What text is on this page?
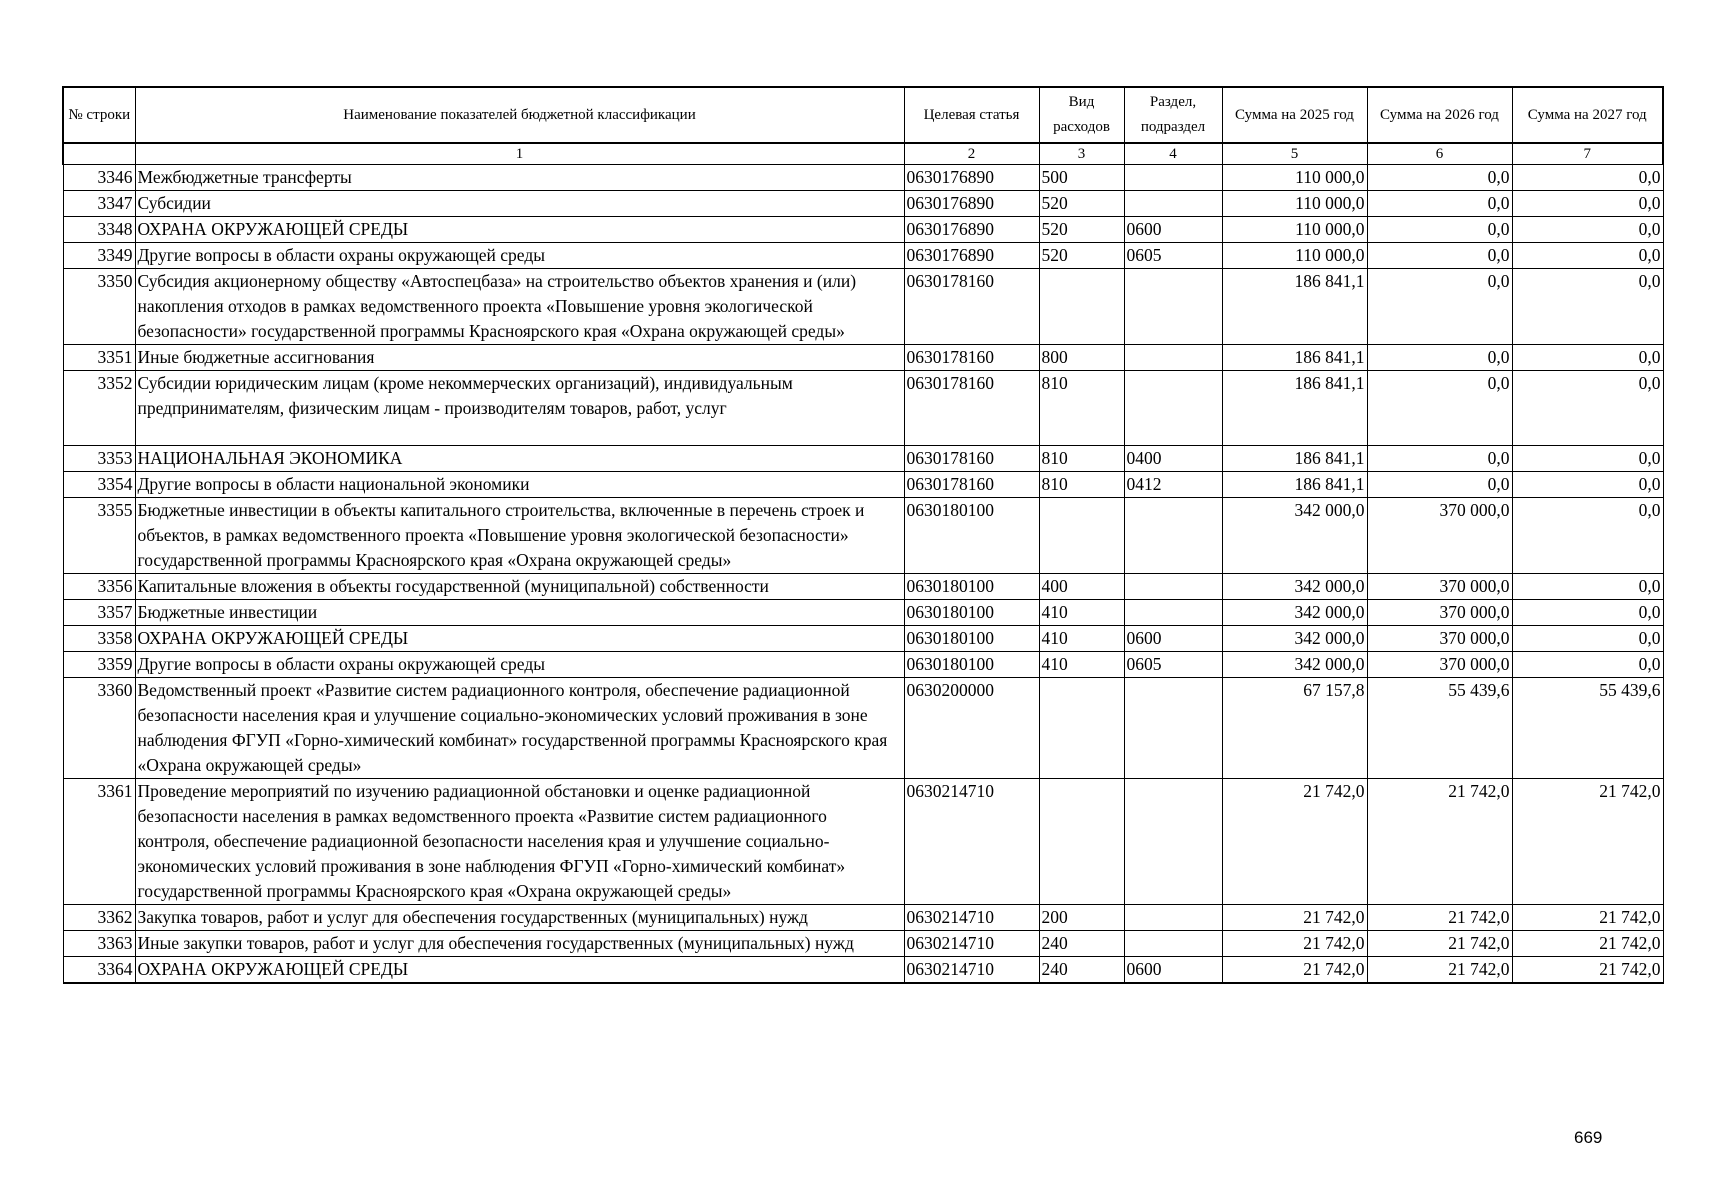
№ строки	Наименование показателей бюджетной классификации	Целевая статья	Вид расходов	Раздел, подраздел	Сумма на 2025 год	Сумма на 2026 год	Сумма на 2027 год
	1	2	3	4	5	6	7
3346	Межбюджетные трансферты	0630176890	500		110 000,0	0,0	0,0
3347	Субсидии	0630176890	520		110 000,0	0,0	0,0
3348	ОХРАНА ОКРУЖАЮЩЕЙ СРЕДЫ	0630176890	520	0600	110 000,0	0,0	0,0
3349	Другие вопросы в области охраны окружающей среды	0630176890	520	0605	110 000,0	0,0	0,0
3350	Субсидия акционерному обществу «Автоспецбаза» на строительство объектов хранения и (или) накопления отходов в рамках ведомственного проекта «Повышение уровня экологической безопасности» государственной программы Красноярского края «Охрана окружающей среды»	0630178160			186 841,1	0,0	0,0
3351	Иные бюджетные ассигнования	0630178160	800		186 841,1	0,0	0,0
3352	Субсидии юридическим лицам (кроме некоммерческих организаций), индивидуальным предпринимателям, физическим лицам - производителям товаров, работ, услуг	0630178160	810		186 841,1	0,0	0,0
3353	НАЦИОНАЛЬНАЯ ЭКОНОМИКА	0630178160	810	0400	186 841,1	0,0	0,0
3354	Другие вопросы в области национальной экономики	0630178160	810	0412	186 841,1	0,0	0,0
3355	Бюджетные инвестиции в объекты капитального строительства, включенные в перечень строек и объектов, в рамках ведомственного проекта «Повышение уровня экологической безопасности» государственной программы Красноярского края «Охрана окружающей среды»	0630180100			342 000,0	370 000,0	0,0
3356	Капитальные вложения в объекты государственной (муниципальной) собственности	0630180100	400		342 000,0	370 000,0	0,0
3357	Бюджетные инвестиции	0630180100	410		342 000,0	370 000,0	0,0
3358	ОХРАНА ОКРУЖАЮЩЕЙ СРЕДЫ	0630180100	410	0600	342 000,0	370 000,0	0,0
3359	Другие вопросы в области охраны окружающей среды	0630180100	410	0605	342 000,0	370 000,0	0,0
3360	Ведомственный проект «Развитие систем радиационного контроля, обеспечение радиационной безопасности населения края и улучшение социально-экономических условий проживания в зоне наблюдения ФГУП «Горно-химический комбинат» государственной программы Красноярского края «Охрана окружающей среды»	0630200000			67 157,8	55 439,6	55 439,6
3361	Проведение мероприятий по изучению радиационной обстановки и оценке радиационной безопасности населения в рамках ведомственного проекта «Развитие систем радиационного контроля, обеспечение радиационной безопасности населения края и улучшение социально-экономических условий проживания в зоне наблюдения ФГУП «Горно-химический комбинат» государственной программы Красноярского края «Охрана окружающей среды»	0630214710			21 742,0	21 742,0	21 742,0
3362	Закупка товаров, работ и услуг для обеспечения государственных (муниципальных) нужд	0630214710	200		21 742,0	21 742,0	21 742,0
3363	Иные закупки товаров, работ и услуг для обеспечения государственных (муниципальных) нужд	0630214710	240		21 742,0	21 742,0	21 742,0
3364	ОХРАНА ОКРУЖАЮЩЕЙ СРЕДЫ	0630214710	240	0600	21 742,0	21 742,0	21 742,0
669
